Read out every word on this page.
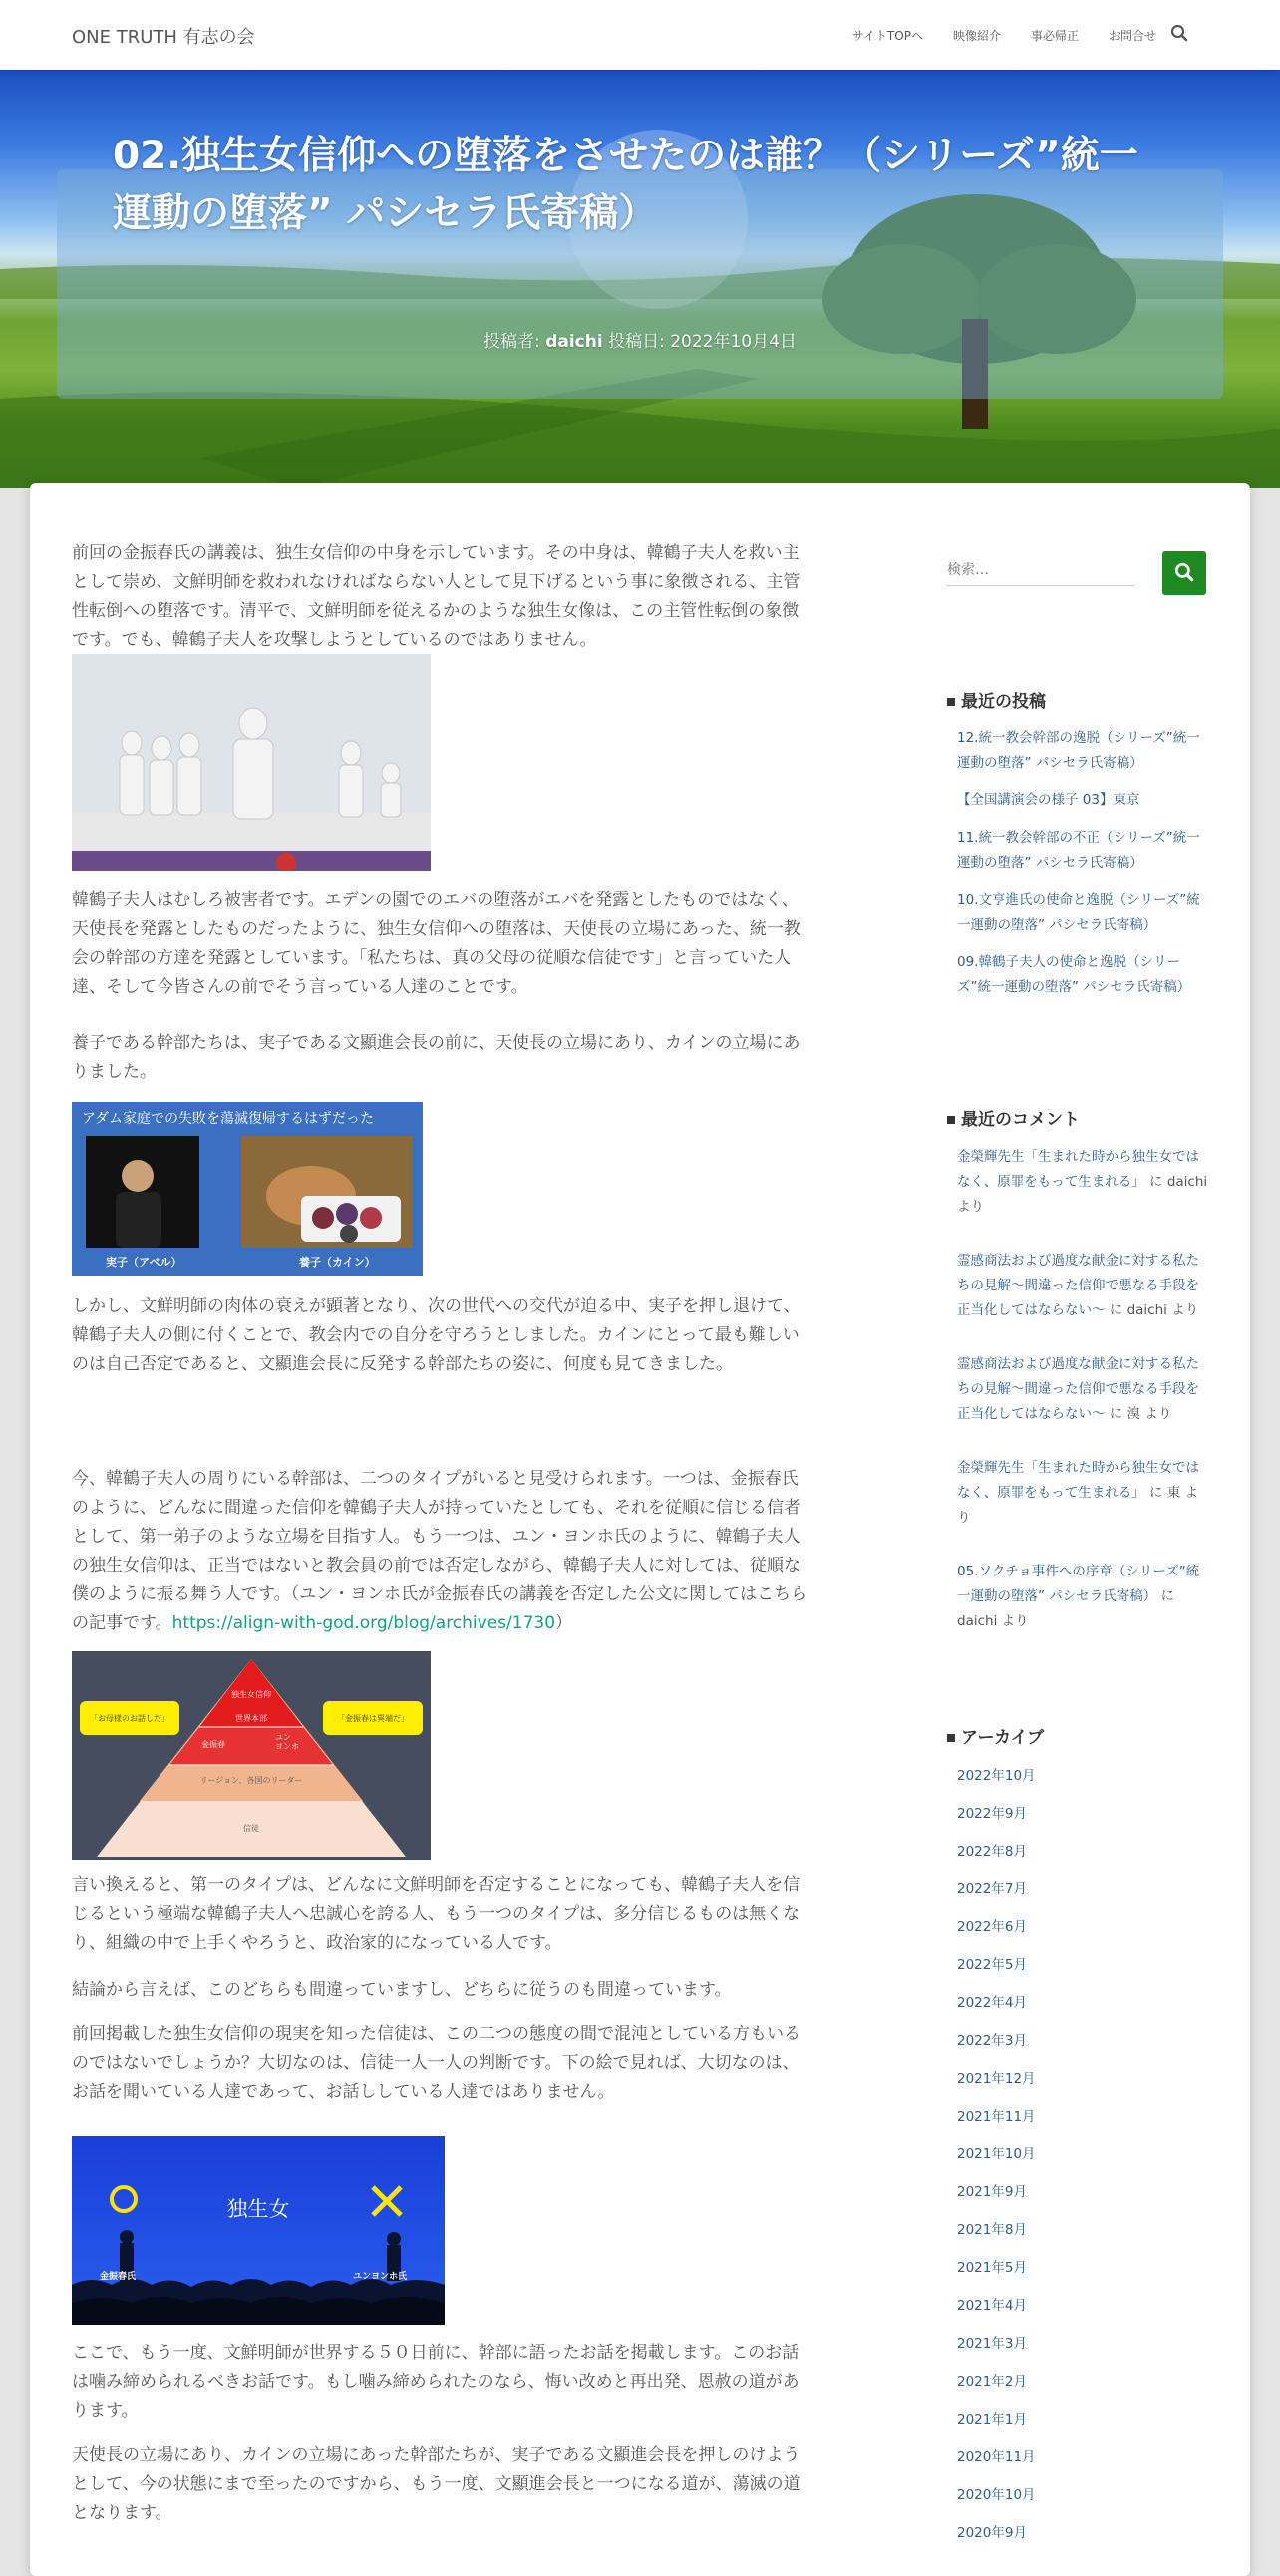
ONE TRUTH 有志の会	サイトTOPへ	映像紹介	事必帰正	お問合せ
02.独生女信仰への堕落をさせたのは誰？（シリーズ”統一運動の堕落” パシセラ氏寄稿）
投稿者: daichi 投稿日: 2022年10月4日

前回の金振春氏の講義は、独生女信仰の中身を示しています。その中身は、韓鶴子夫人を救い主として崇め、文鮮明師を救われなければならない人として見下げるという事に象徴される、主管性転倒への堕落です。清平で、文鮮明師を従えるかのような独生女像は、この主管性転倒の象徴です。でも、韓鶴子夫人を攻撃しようとしているのではありません。

韓鶴子夫人はむしろ被害者です。エデンの園でのエバの堕落がエバを発露としたものではなく、天使長を発露としたものだったように、独生女信仰への堕落は、天使長の立場にあった、統一教会の幹部の方達を発露としています。「私たちは、真の父母の従順な信徒です」と言っていた人達、そして今皆さんの前でそう言っている人達のことです。

養子である幹部たちは、実子である文顯進会長の前に、天使長の立場にあり、カインの立場にありました。

アダム家庭での失敗を蕩滅復帰するはずだった
実子（アベル）	養子（カイン）

しかし、文鮮明師の肉体の衰えが顕著となり、次の世代への交代が迫る中、実子を押し退けて、韓鶴子夫人の側に付くことで、教会内での自分を守ろうとしました。カインにとって最も難しいのは自己否定であると、文顯進会長に反発する幹部たちの姿に、何度も見てきました。

今、韓鶴子夫人の周りにいる幹部は、二つのタイプがいると見受けられます。一つは、金振春氏のように、どんなに間違った信仰を韓鶴子夫人が持っていたとしても、それを従順に信じる信者として、第一弟子のような立場を目指す人。もう一つは、ユン・ヨンホ氏のように、韓鶴子夫人の独生女信仰は、正当ではないと教会員の前では否定しながら、韓鶴子夫人に対しては、従順な僕のように振る舞う人です。（ユン・ヨンホ氏が金振春氏の講義を否定した公文に関してはこちらの記事です。https://align-with-god.org/blog/archives/1730）

独生女信仰
世界本部
金振春
ユン
ヨンホ
リージョン、各国のリーダー
信徒
「お母様のお話しだ」	「金振春は異端だ」

言い換えると、第一のタイプは、どんなに文鮮明師を否定することになっても、韓鶴子夫人を信じるという極端な韓鶴子夫人へ忠誠心を誇る人、もう一つのタイプは、多分信じるものは無くなり、組織の中で上手くやろうと、政治家的になっている人です。

結論から言えば、このどちらも間違っていますし、どちらに従うのも間違っています。

前回掲載した独生女信仰の現実を知った信徒は、この二つの態度の間で混沌としている方もいるのではないでしょうか？大切なのは、信徒一人一人の判断です。下の絵で見れば、大切なのは、お話を聞いている人達であって、お話ししている人達ではありません。

独生女
金振春氏	ユンヨンホ氏

ここで、もう一度、文鮮明師が世界する５０日前に、幹部に語ったお話を掲載します。このお話は噛み締められるべきお話です。もし噛み締められたのなら、悔い改めと再出発、恩赦の道があります。

天使長の立場にあり、カインの立場にあった幹部たちが、実子である文顯進会長を押しのけようとして、今の状態にまで至ったのですから、もう一度、文顯進会長と一つになる道が、蕩滅の道となります。

検索…
最近の投稿
12.統一教会幹部の逸脱（シリーズ”統一運動の堕落” パシセラ氏寄稿）
【全国講演会の様子 03】東京
11.統一教会幹部の不正（シリーズ”統一運動の堕落” パシセラ氏寄稿）
10.文亨進氏の使命と逸脱（シリーズ”統一運動の堕落” パシセラ氏寄稿）
09.韓鶴子夫人の使命と逸脱（シリーズ”統一運動の堕落” パシセラ氏寄稿）
最近のコメント
金榮輝先生「生まれた時から独生女ではなく、原罪をもって生まれる」 に daichi より
霊感商法および過度な献金に対する私たちの見解～間違った信仰で悪なる手段を正当化してはならない～ に daichi より
霊感商法および過度な献金に対する私たちの見解～間違った信仰で悪なる手段を正当化してはならない～ に 溴 より
金榮輝先生「生まれた時から独生女ではなく、原罪をもって生まれる」 に 東 より
05.ソクチョ事件への序章（シリーズ”統一運動の堕落” パシセラ氏寄稿） に daichi より
アーカイブ
2022年10月
2022年9月
2022年8月
2022年7月
2022年6月
2022年5月
2022年4月
2022年3月
2021年12月
2021年11月
2021年10月
2021年9月
2021年8月
2021年5月
2021年4月
2021年3月
2021年2月
2021年1月
2020年11月
2020年10月
2020年9月
